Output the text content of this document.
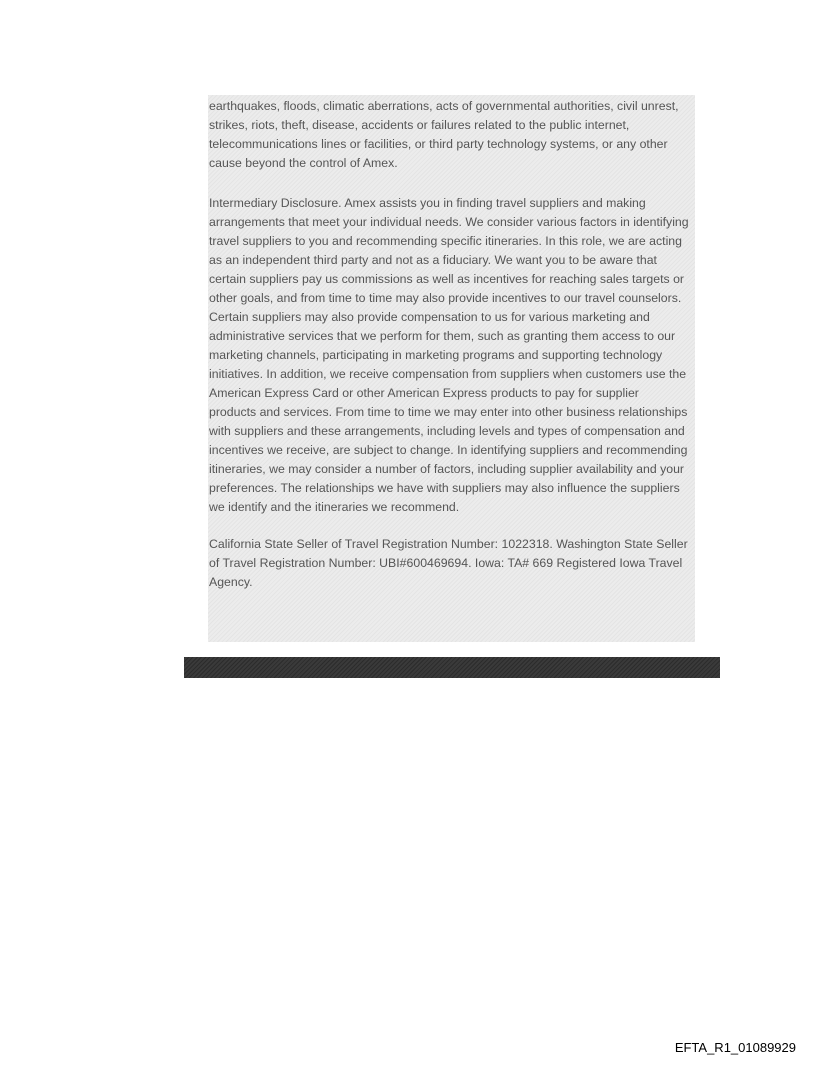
earthquakes, floods, climatic aberrations, acts of governmental authorities, civil unrest, strikes, riots, theft, disease, accidents or failures related to the public internet, telecommunications lines or facilities, or third party technology systems, or any other cause beyond the control of Amex.

Intermediary Disclosure. Amex assists you in finding travel suppliers and making arrangements that meet your individual needs. We consider various factors in identifying travel suppliers to you and recommending specific itineraries. In this role, we are acting as an independent third party and not as a fiduciary. We want you to be aware that certain suppliers pay us commissions as well as incentives for reaching sales targets or other goals, and from time to time may also provide incentives to our travel counselors. Certain suppliers may also provide compensation to us for various marketing and administrative services that we perform for them, such as granting them access to our marketing channels, participating in marketing programs and supporting technology initiatives. In addition, we receive compensation from suppliers when customers use the American Express Card or other American Express products to pay for supplier products and services. From time to time we may enter into other business relationships with suppliers and these arrangements, including levels and types of compensation and incentives we receive, are subject to change. In identifying suppliers and recommending itineraries, we may consider a number of factors, including supplier availability and your preferences. The relationships we have with suppliers may also influence the suppliers we identify and the itineraries we recommend.

California State Seller of Travel Registration Number: 1022318. Washington State Seller of Travel Registration Number: UBI#600469694. Iowa: TA# 669 Registered Iowa Travel Agency.

EFTA_R1_01089929
